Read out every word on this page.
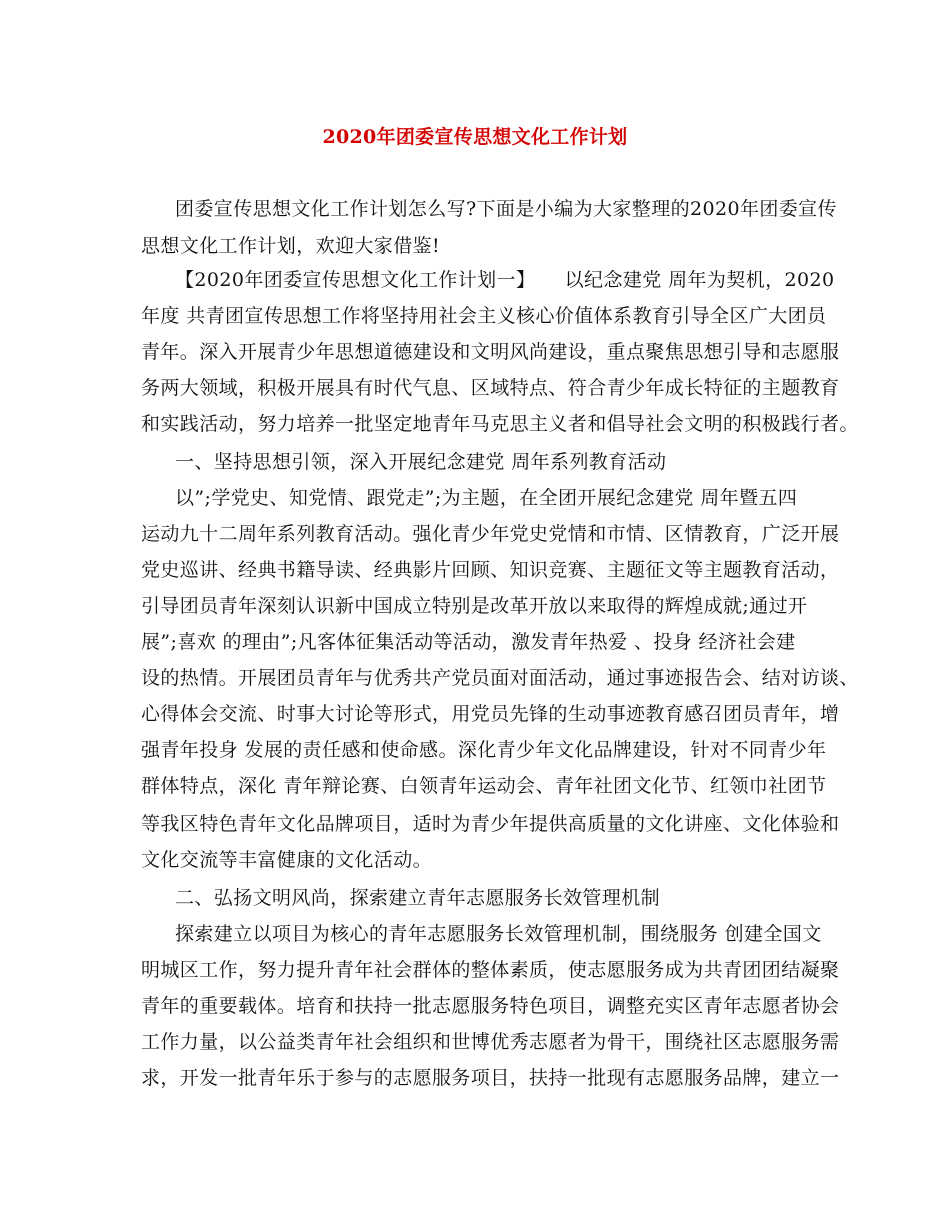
2020年团委宣传思想文化工作计划
团委宣传思想文化工作计划怎么写?下面是小编为大家整理的2020年团委宣传
思想文化工作计划，欢迎大家借鉴!
【2020年团委宣传思想文化工作计划一】　　以纪念建党 周年为契机，2020
年度 共青团宣传思想工作将坚持用社会主义核心价值体系教育引导全区广大团员
青年。深入开展青少年思想道德建设和文明风尚建设，重点聚焦思想引导和志愿服
务两大领域，积极开展具有时代气息、区域特点、符合青少年成长特征的主题教育
和实践活动，努力培养一批坚定地青年马克思主义者和倡导社会文明的积极践行者。
一、坚持思想引领，深入开展纪念建党 周年系列教育活动
以”;学党史、知党情、跟党走”;为主题，在全团开展纪念建党 周年暨五四
运动九十二周年系列教育活动。强化青少年党史党情和市情、区情教育，广泛开展
党史巡讲、经典书籍导读、经典影片回顾、知识竞赛、主题征文等主题教育活动，
引导团员青年深刻认识新中国成立特别是改革开放以来取得的辉煌成就;通过开
展”;喜欢 的理由”;凡客体征集活动等活动，激发青年热爱 、投身 经济社会建
设的热情。开展团员青年与优秀共产党员面对面活动，通过事迹报告会、结对访谈、
心得体会交流、时事大讨论等形式，用党员先锋的生动事迹教育感召团员青年，增
强青年投身 发展的责任感和使命感。深化青少年文化品牌建设，针对不同青少年
群体特点，深化 青年辩论赛、白领青年运动会、青年社团文化节、红领巾社团节
等我区特色青年文化品牌项目，适时为青少年提供高质量的文化讲座、文化体验和
文化交流等丰富健康的文化活动。
二、弘扬文明风尚，探索建立青年志愿服务长效管理机制
探索建立以项目为核心的青年志愿服务长效管理机制，围绕服务 创建全国文
明城区工作，努力提升青年社会群体的整体素质，使志愿服务成为共青团团结凝聚
青年的重要载体。培育和扶持一批志愿服务特色项目，调整充实区青年志愿者协会
工作力量，以公益类青年社会组织和世博优秀志愿者为骨干，围绕社区志愿服务需
求，开发一批青年乐于参与的志愿服务项目，扶持一批现有志愿服务品牌，建立一
